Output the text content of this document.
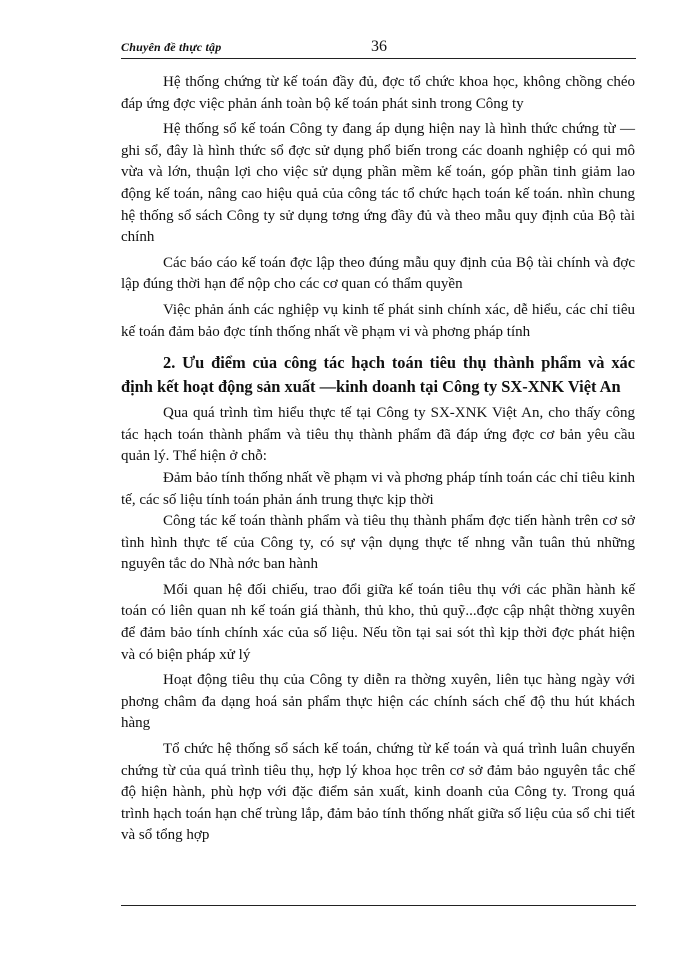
Chuyên đề thực tập	36

Hệ thống chứng từ kế toán đầy đủ, đợc tổ chức khoa học, không chồng chéo đáp ứng đợc việc phản ánh toàn bộ kế toán phát sinh trong Công ty

Hệ thống sổ kế toán Công ty đang áp dụng hiện nay là hình thức chứng từ — ghi sổ, đây là hình thức sổ đợc sử dụng phổ biến trong các doanh nghiệp có qui mô vừa và lớn, thuận lợi cho việc sử dụng phần mềm kế toán, góp phần tinh giảm lao động kế toán, nâng cao hiệu quả của công tác tổ chức hạch toán kế toán. nhìn chung hệ thống sổ sách Công ty sử dụng tơng ứng đầy đủ và theo mẫu quy định của Bộ tài chính

Các báo cáo kế toán đợc lập theo đúng mẫu quy định của Bộ tài chính và đợc lập đúng thời hạn để nộp cho các cơ quan có thẩm quyền

Việc phản ánh các nghiệp vụ kinh tế phát sinh chính xác, dễ hiểu, các chỉ tiêu kế toán đảm bảo đợc tính thống nhất về phạm vi và phơng pháp tính

2. Ưu điểm của công tác hạch toán tiêu thụ thành phẩm và xác định kết hoạt động sản xuất —kinh doanh tại Công ty SX-XNK Việt An

Qua quá trình tìm hiểu thực tế tại Công ty SX-XNK Việt An, cho thấy công tác hạch toán thành phẩm và tiêu thụ thành phẩm đã đáp ứng đợc cơ bản yêu cầu quản lý. Thể hiện ở chỗ:

Đảm bảo tính thống nhất về phạm vi và phơng pháp tính toán các chỉ tiêu kinh tế, các số liệu tính toán phản ánh trung thực kịp thời

Công tác kế toán thành phẩm và tiêu thụ thành phẩm đợc tiến hành trên cơ sở tình hình thực tế của Công ty, có sự vận dụng thực tế nhng vẫn tuân thủ những nguyên tắc do Nhà nớc ban hành

Mối quan hệ đối chiếu, trao đổi giữa kế toán tiêu thụ với các phần hành kế toán có liên quan nh kế toán giá thành, thủ kho, thủ quỹ...đợc cập nhật thờng xuyên để đảm bảo tính chính xác của số liệu. Nếu tồn tại sai sót thì kịp thời đợc phát hiện và có biện pháp xử lý

Hoạt động tiêu thụ của Công ty diễn ra thờng xuyên, liên tục hàng ngày với phơng châm đa dạng hoá sản phẩm thực hiện các chính sách chế độ thu hút khách hàng

Tổ chức hệ thống sổ sách kế toán, chứng từ kế toán và quá trình luân chuyển chứng từ của quá trình tiêu thụ, hợp lý khoa học trên cơ sở đảm bảo nguyên tắc chế độ hiện hành, phù hợp với đặc điểm sản xuất, kinh doanh của Công ty. Trong quá trình hạch toán hạn chế trùng lắp, đảm bảo tính thống nhất giữa số liệu của sổ chi tiết và sổ tổng hợp
